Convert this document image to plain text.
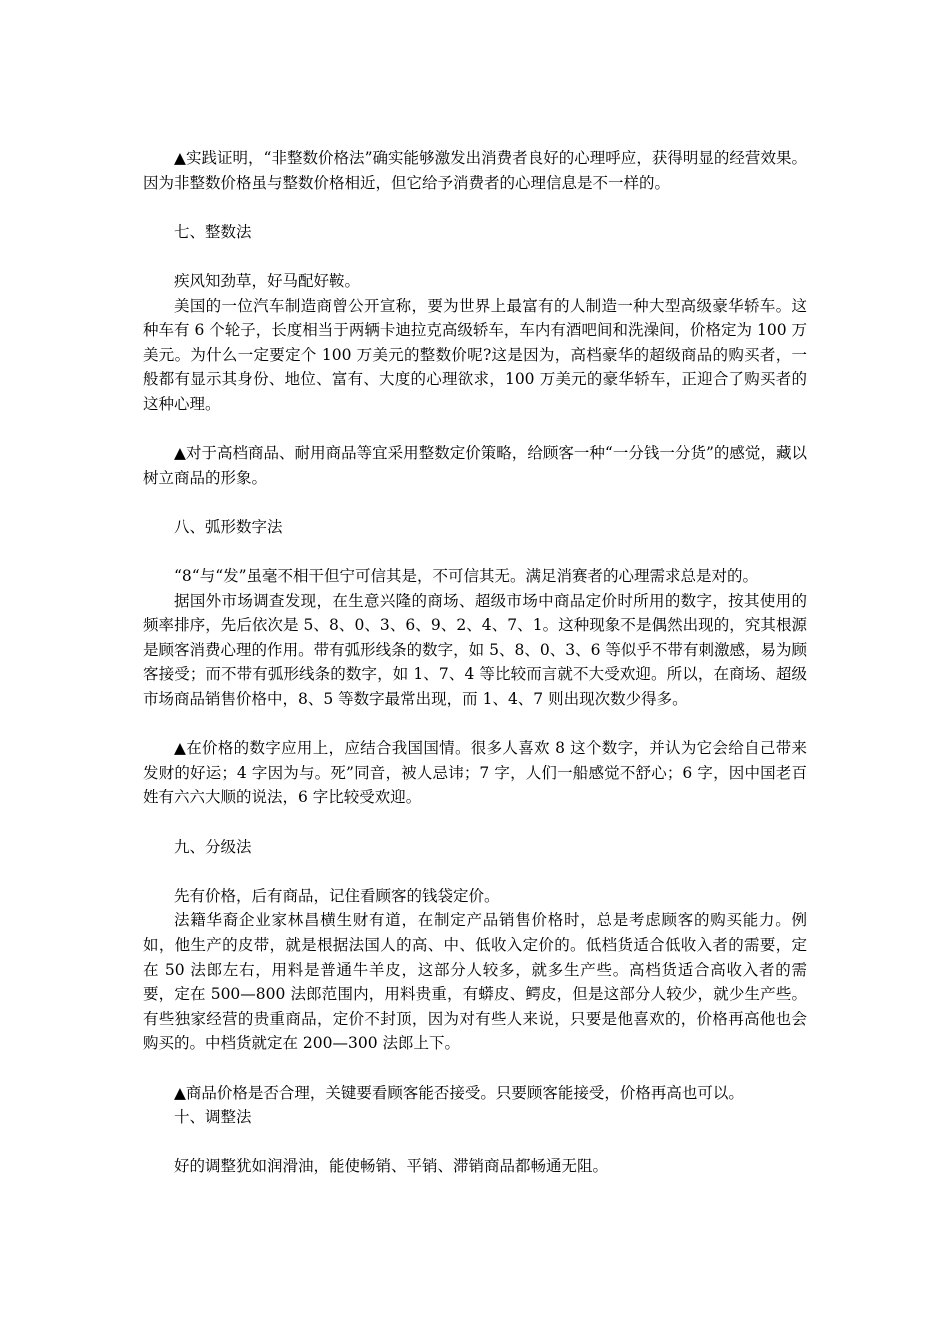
▲实践证明，“非整数价格法”确实能够激发出消费者良好的心理呼应，获得明显的经营效果。因为非整数价格虽与整数价格相近，但它给予消费者的心理信息是不一样的。

七、整数法

疾风知劲草，好马配好鞍。

美国的一位汽车制造商曾公开宣称，要为世界上最富有的人制造一种大型高级豪华轿车。这种车有 6 个轮子，长度相当于两辆卡迪拉克高级轿车，车内有酒吧间和洗澡间，价格定为 100 万美元。为什么一定要定个 100 万美元的整数价呢?这是因为，高档豪华的超级商品的购买者，一般都有显示其身份、地位、富有、大度的心理欲求，100 万美元的豪华轿车，正迎合了购买者的这种心理。

▲对于高档商品、耐用商品等宜采用整数定价策略，给顾客一种“一分钱一分货”的感觉，藏以树立商品的形象。

八、弧形数字法

“8“与“发”虽毫不相干但宁可信其是，不可信其无。满足消赛者的心理需求总是对的。

据国外市场调查发现，在生意兴隆的商场、超级市场中商品定价时所用的数字，按其使用的频率排序，先后依次是 5、8、0、3、6、9、2、4、7、1。这种现象不是偶然出现的，究其根源是顾客消费心理的作用。带有弧形线条的数字，如 5、8、0、3、6 等似乎不带有刺激感，易为顾客接受；而不带有弧形线条的数字，如 1、7、4 等比较而言就不大受欢迎。所以，在商场、超级市场商品销售价格中，8、5 等数字最常出现，而 1、4、7 则出现次数少得多。

▲在价格的数字应用上，应结合我国国情。很多人喜欢 8 这个数字，并认为它会给自己带来发财的好运；4 字因为与。死”同音，被人忌讳；7 字，人们一船感觉不舒心；6 字，因中国老百姓有六六大顺的说法，6 字比较受欢迎。

九、分级法

先有价格，后有商品，记住看顾客的钱袋定价。

法籍华裔企业家林昌横生财有道，在制定产品销售价格时，总是考虑顾客的购买能力。例如，他生产的皮带，就是根据法国人的高、中、低收入定价的。低档货适合低收入者的需要，定在 50 法郎左右，用料是普通牛羊皮，这部分人较多，就多生产些。高档货适合高收入者的需要，定在 500—800 法郎范围内，用料贵重，有蟒皮、鳄皮，但是这部分人较少，就少生产些。有些独家经营的贵重商品，定价不封顶，因为对有些人来说，只要是他喜欢的，价格再高他也会购买的。中档货就定在 200—300 法郎上下。

▲商品价格是否合理，关键要看顾客能否接受。只要顾客能接受，价格再高也可以。

十、调整法

好的调整犹如润滑油，能使畅销、平销、滞销商品都畅通无阻。
